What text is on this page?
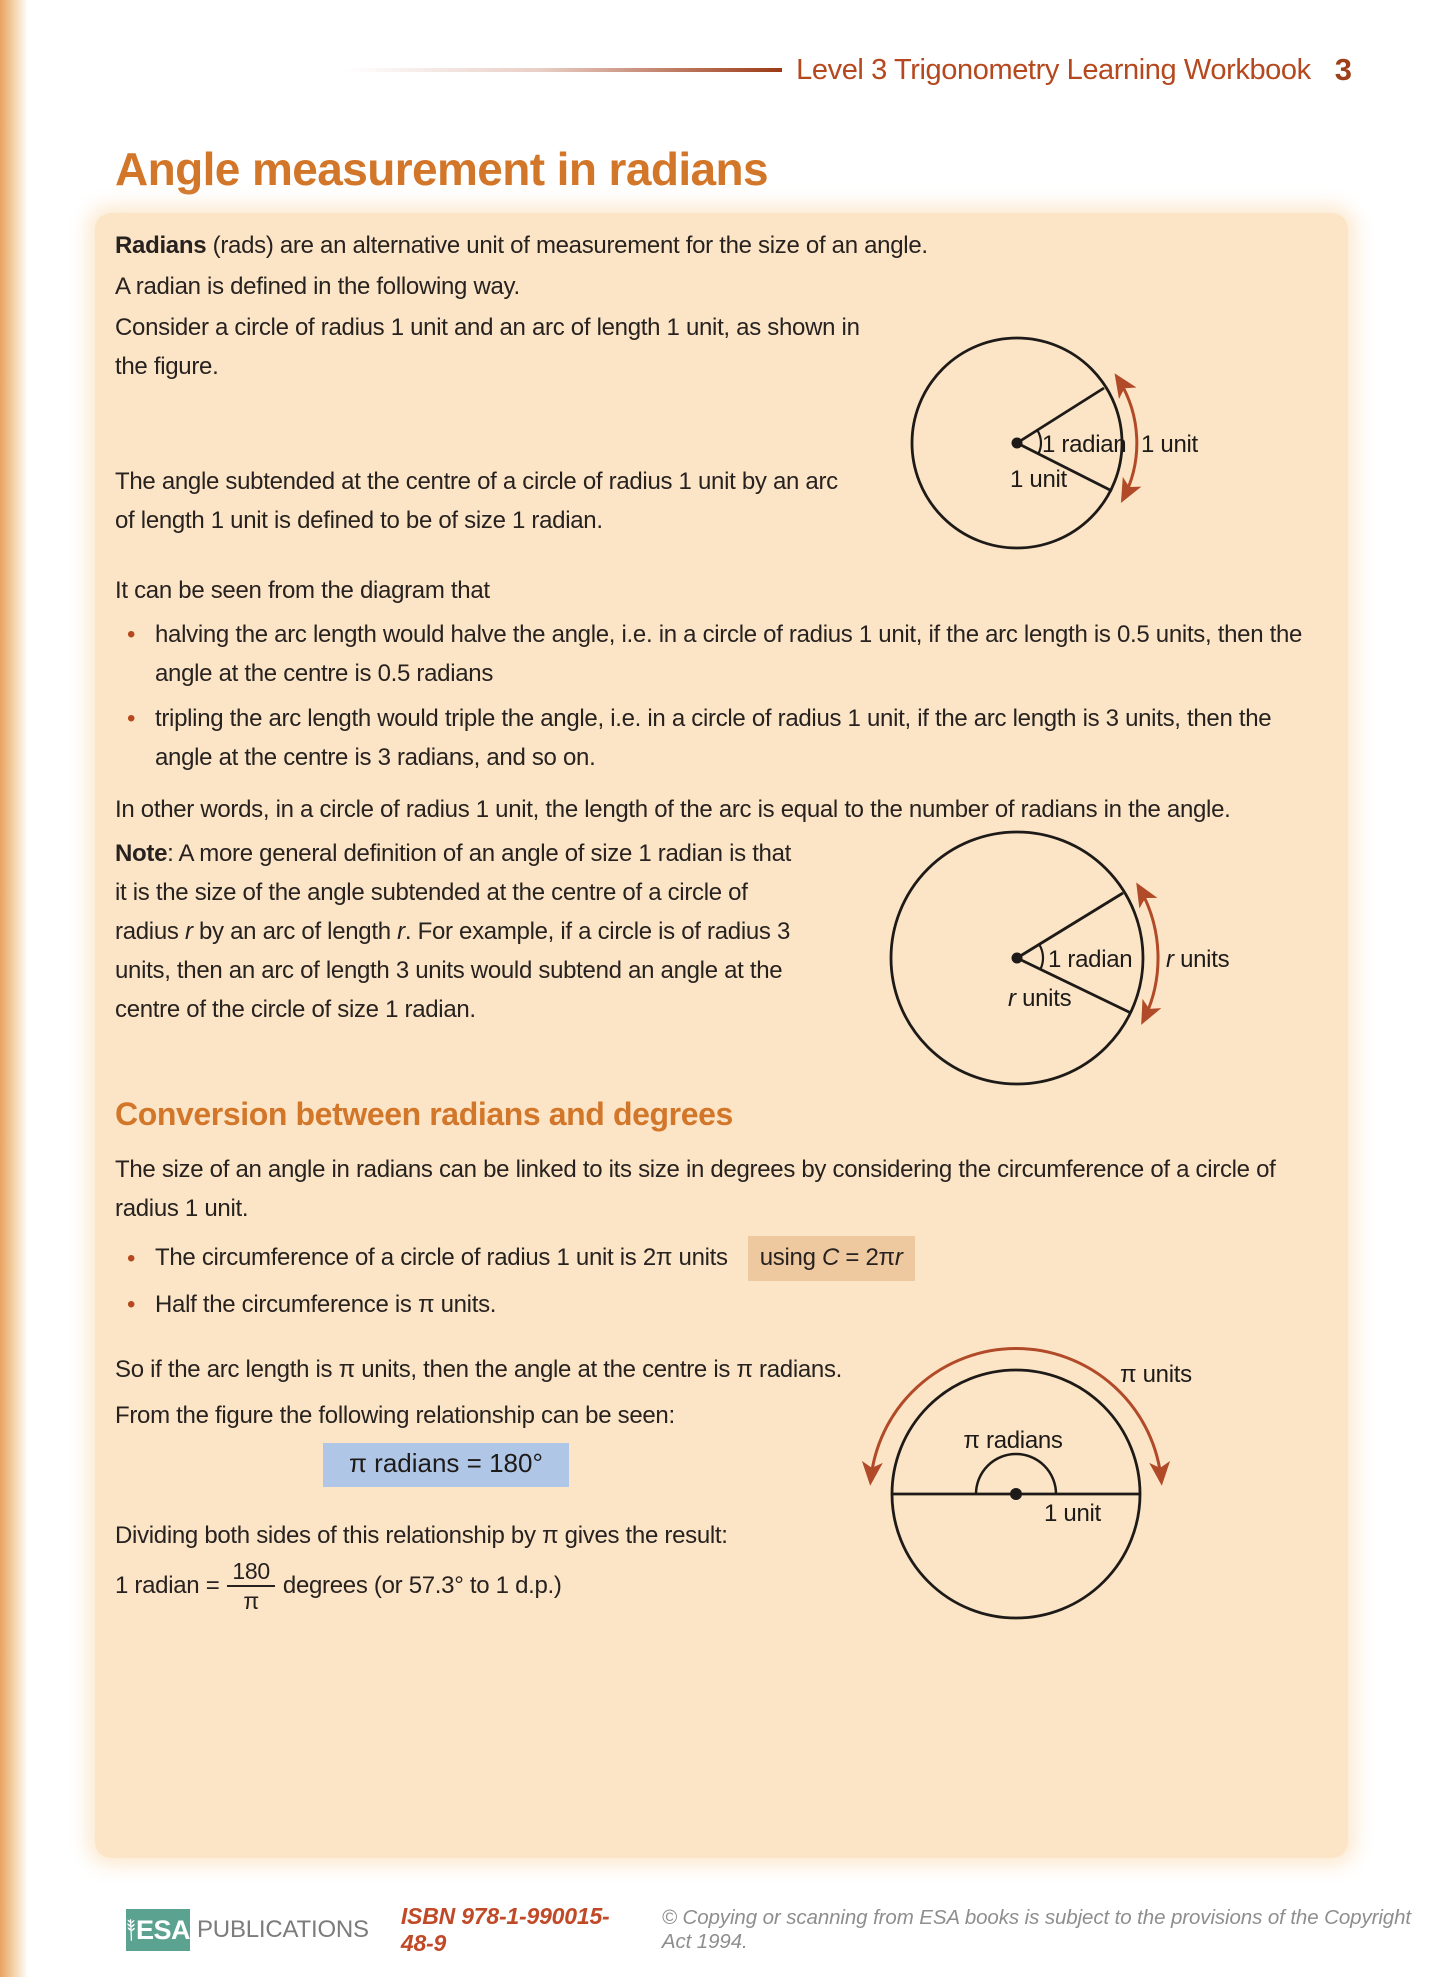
Level 3 Trigonometry Learning Workbook 3
Angle measurement in radians

Radians (rads) are an alternative unit of measurement for the size of an angle.

A radian is defined in the following way.

Consider a circle of radius 1 unit and an arc of length 1 unit, as shown in the figure.

The angle subtended at the centre of a circle of radius 1 unit by an arc of length 1 unit is defined to be of size 1 radian.

It can be seen from the diagram that

• halving the arc length would halve the angle, i.e. in a circle of radius 1 unit, if the arc length is 0.5 units, then the angle at the centre is 0.5 radians
• tripling the arc length would triple the angle, i.e. in a circle of radius 1 unit, if the arc length is 3 units, then the angle at the centre is 3 radians, and so on.

In other words, in a circle of radius 1 unit, the length of the arc is equal to the number of radians in the angle.

Note: A more general definition of an angle of size 1 radian is that it is the size of the angle subtended at the centre of a circle of radius r by an arc of length r. For example, if a circle is of radius 3 units, then an arc of length 3 units would subtend an angle at the centre of the circle of size 1 radian.

Conversion between radians and degrees

The size of an angle in radians can be linked to its size in degrees by considering the circumference of a circle of radius 1 unit.

• The circumference of a circle of radius 1 unit is 2π units using C = 2πr
• Half the circumference is π units.

So if the arc length is π units, then the angle at the centre is π radians.

From the figure the following relationship can be seen:

π radians = 180°

Dividing both sides of this relationship by π gives the result:

1 radian = $\frac{180}{\pi}$ degrees (or 57.3° to 1 d.p.)
1 radian
1 unit
1 unit
1 radian
r units
r units
π radians
1 unit
π units
ESA PUBLICATIONS ISBN 978-1-990015-48-9
© Copying or scanning from ESA books is subject to the provisions of the Copyright Act 1994.
